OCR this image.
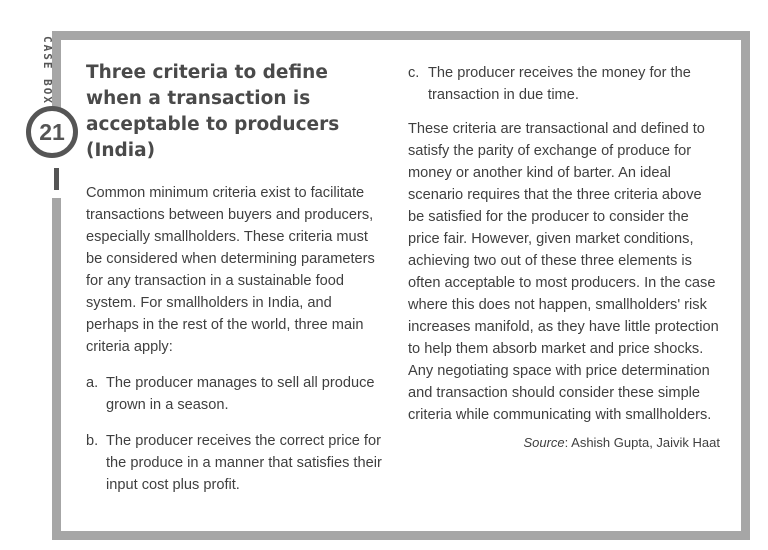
CASE BOX
21
Three criteria to define when a transaction is acceptable to producers (India)

Common minimum criteria exist to facilitate transactions between buyers and producers, especially smallholders. These criteria must be considered when determining parameters for any transaction in a sustainable food system. For smallholders in India, and perhaps in the rest of the world, three main criteria apply:

a. The producer manages to sell all produce grown in a season.
b. The producer receives the correct price for the produce in a manner that satisfies their input cost plus profit.
c. The producer receives the money for the transaction in due time.

These criteria are transactional and defined to satisfy the parity of exchange of produce for money or another kind of barter. An ideal scenario requires that the three criteria above be satisfied for the producer to consider the price fair. However, given market conditions, achieving two out of these three elements is often acceptable to most producers. In the case where this does not happen, smallholders' risk increases manifold, as they have little protection to help them absorb market and price shocks. Any negotiating space with price determination and transaction should consider these simple criteria while communicating with smallholders.

Source: Ashish Gupta, Jaivik Haat
